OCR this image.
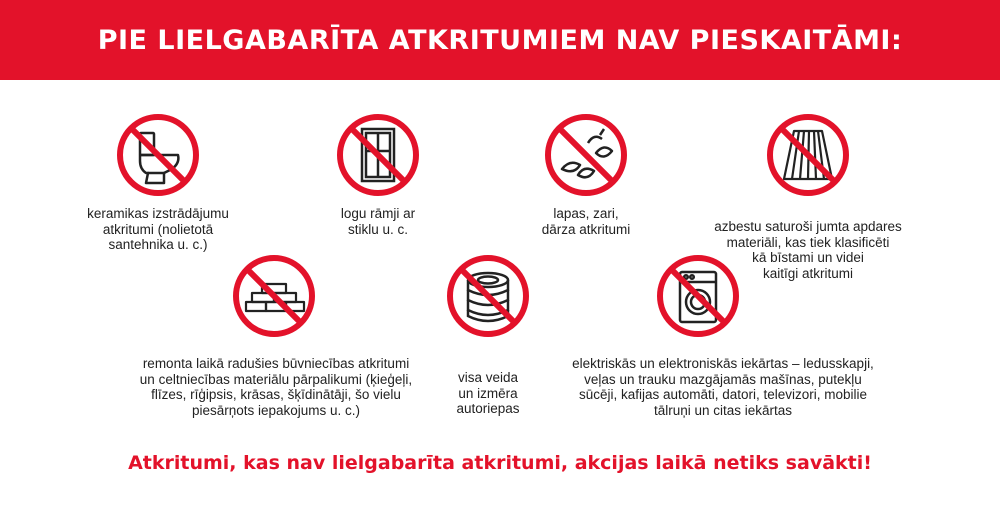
PIE LIELGABARĪTA ATKRITUMIEM NAV PIESKAITĀMI:
keramikas izstrādājumu
atkritumi (nolietotā
santehnika u. c.)
logu rāmji ar
stiklu u. c.
lapas, zari,
dārza atkritumi	azbestu saturoši jumta apdares
materiāli, kas tiek klasificēti
kā bīstami un videi
kaitīgi atkritumi
remonta laikā radušies būvniecības atkritumi
un celtniecības materiālu pārpalikumi (ķieģeļi,
flīzes, rīģipsis, krāsas, šķīdinātāji, šo vielu
piesārņots iepakojums u. c.)
visa veida
un izmēra
autoriepas
elektriskās un elektroniskās iekārtas – ledusskapji,
veļas un trauku mazgājamās mašīnas, putekļu
sūcēji, kafijas automāti, datori, televizori, mobilie
tālruņi un citas iekārtas
Atkritumi, kas nav lielgabarīta atkritumi, akcijas laikā netiks savākti!
